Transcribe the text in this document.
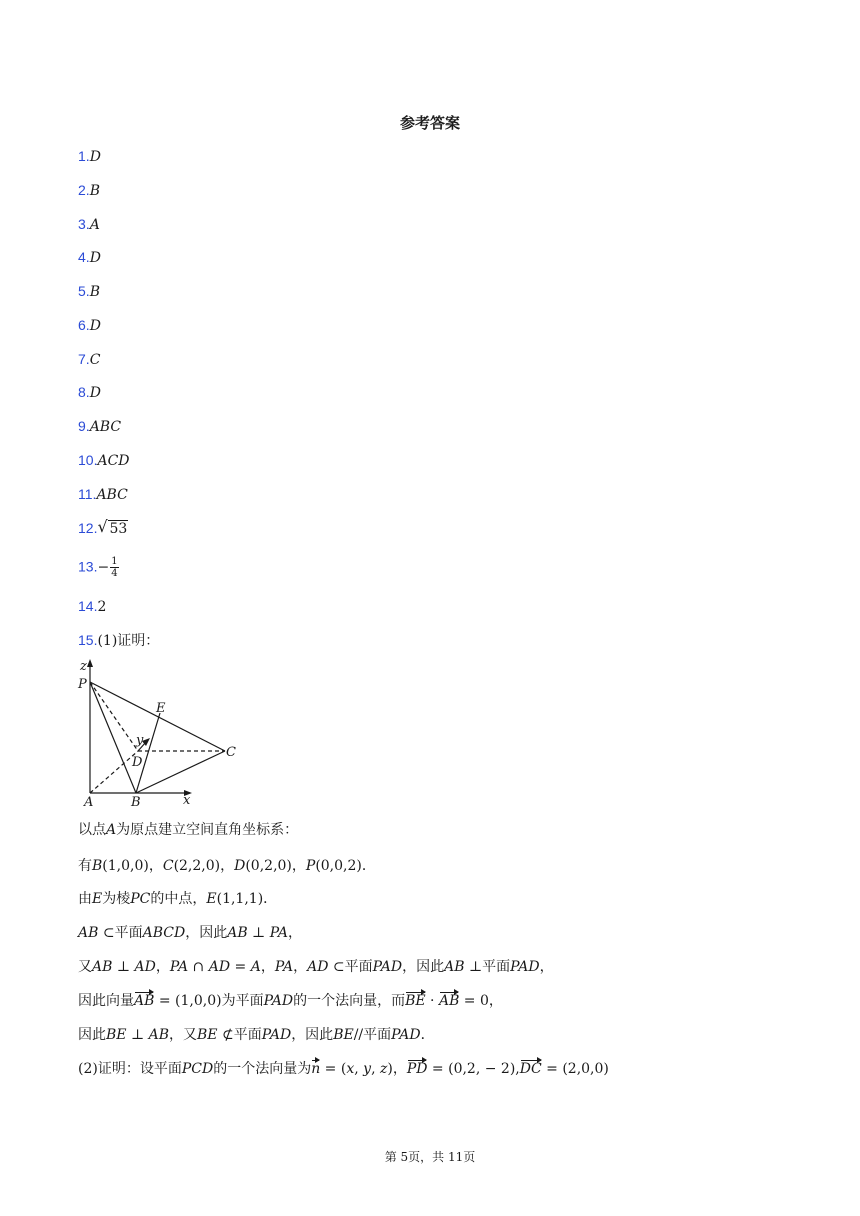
参考答案
1.D
2.B
3.A
4.D
5.B
6.D
7.C
8.D
9.ABC
10.ACD
11.ABC
12. √ 53
$13.- \frac{1}{4}$
14.2
15.(1)证明：
z
P
E
y
D
C
A	B	x
以点A为原点建立空间直角坐标系：
有B(1,0,0)，C(2,2,0)，D(0,2,0)，P(0,0,2)．
由E为棱PC的中点，E(1,1,1)．
AB ⊂平面ABCD，因此AB ⊥ PA，
又AB ⊥ AD，PA ∩ AD = A，PA，AD ⊂平面PAD，因此AB ⊥平面PAD，
因此向量AB = (1,0,0)为平面PAD的一个法向量，而BE · AB = 0，
因此BE ⊥ AB，又BE ⊄平面PAD，因此BE//平面PAD．
(2)证明：设平面PCD的一个法向量为n = (x, y, z)，PD = (0,2, − 2),DC = (2,0,0)
第 5页，共 11页
